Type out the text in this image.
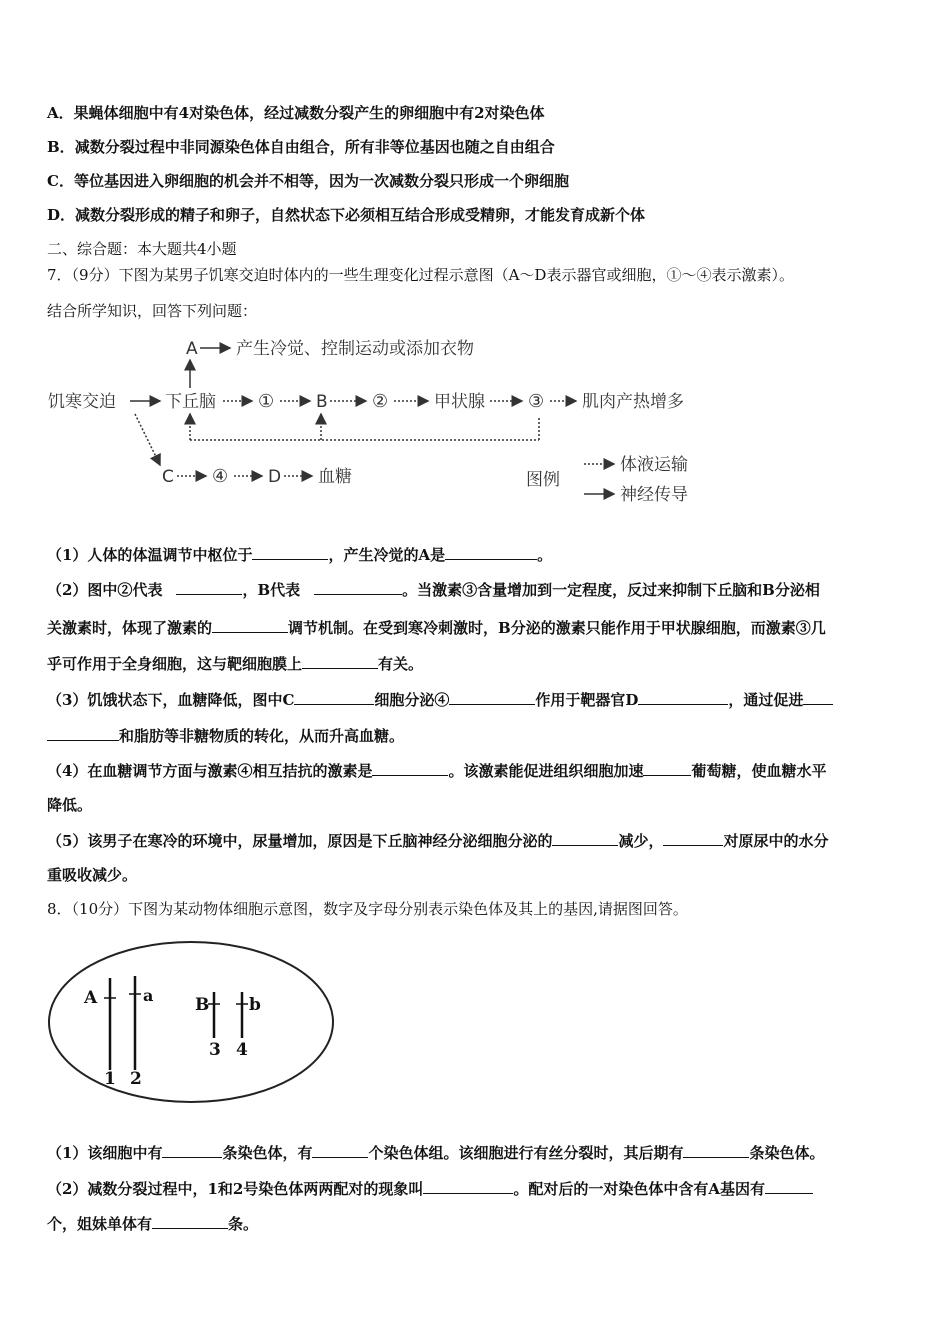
A．果蝇体细胞中有4对染色体，经过减数分裂产生的卵细胞中有2对染色体
B．减数分裂过程中非同源染色体自由组合，所有非等位基因也随之自由组合
C．等位基因进入卵细胞的机会并不相等，因为一次减数分裂只形成一个卵细胞
D．减数分裂形成的精子和卵子，自然状态下必须相互结合形成受精卵，才能发育成新个体
二、综合题：本大题共4小题
7．（9分）下图为某男子饥寒交迫时体内的一些生理变化过程示意图（A～D表示器官或细胞，①～④表示激素）。
结合所学知识，回答下列问题：
饥寒交迫	下丘脑
A 产生冷觉、控制运动或添加衣物
① B ②	甲状腺 ③ 肌肉产热增多
C ④ D 血糖	图例
体液运输
神经传导
（1）人体的体温调节中枢位于	，产生冷觉的A是	。
（2）图中②代表	，B代表	。当激素③含量增加到一定程度，反过来抑制下丘脑和B分泌相
关激素时，体现了激素的	调节机制。在受到寒冷刺激时，B分泌的激素只能作用于甲状腺细胞，而激素③几
乎可作用于全身细胞，这与靶细胞膜上	有关。
（3）饥饿状态下，血糖降低，图中C	细胞分泌④	作用于靶器官D	，通过促进
和脂肪等非糖物质的转化，从而升高血糖。
（4）在血糖调节方面与激素④相互拮抗的激素是	。该激素能促进组织细胞加速	葡萄糖，使血糖水平
降低。
（5）该男子在寒冷的环境中，尿量增加，原因是下丘脑神经分泌细胞分泌的	减少，	对原尿中的水分
重吸收减少。
8．（10分）下图为某动物体细胞示意图，数字及字母分别表示染色体及其上的基因,请据图回答。
A	a B b
1 2
3 4
（1）该细胞中有	条染色体，有	个染色体组。该细胞进行有丝分裂时，其后期有	条染色体。
（2）减数分裂过程中，1和2号染色体两两配对的现象叫	。配对后的一对染色体中含有A基因有
个，姐妹单体有	条。
